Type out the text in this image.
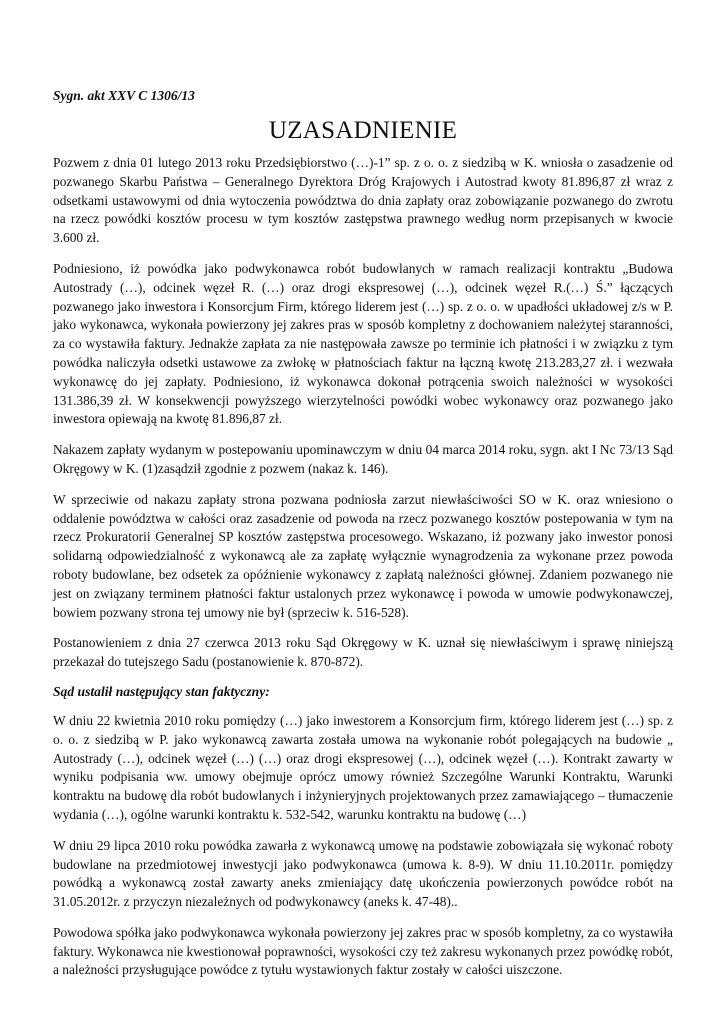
Sygn. akt XXV C 1306/13
UZASADNIENIE

Pozwem z dnia 01 lutego 2013 roku Przedsiębiorstwo (…)-1” sp. z o. o. z siedzibą w K. wniosła o zasadzenie od pozwanego Skarbu Państwa – Generalnego Dyrektora Dróg Krajowych i Autostrad kwoty 81.896,87 zł wraz z odsetkami ustawowymi od dnia wytoczenia powództwa do dnia zapłaty oraz zobowiązanie pozwanego do zwrotu na rzecz powódki kosztów procesu w tym kosztów zastępstwa prawnego według norm przepisanych w kwocie 3.600 zł.

Podniesiono, iż powódka jako podwykonawca robót budowlanych w ramach realizacji kontraktu „Budowa Autostrady (…), odcinek węzeł R. (…) oraz drogi ekspresowej (…), odcinek węzeł R.(…) Ś.” łączących pozwanego jako inwestora i Konsorcjum Firm, którego liderem jest (…) sp. z o. o. w upadłości układowej z/s w P. jako wykonawca, wykonała powierzony jej zakres pras w sposób kompletny z dochowaniem należytej staranności, za co wystawiła faktury. Jednakże zapłata za nie następowała zawsze po terminie ich płatności i w związku z tym powódka naliczyła odsetki ustawowe za zwłokę w płatnościach faktur na łączną kwotę 213.283,27 zł. i wezwała wykonawcę do jej zapłaty. Podniesiono, iż wykonawca dokonał potrącenia swoich należności w wysokości 131.386,39 zł. W konsekwencji powyższego wierzytelności powódki wobec wykonawcy oraz pozwanego jako inwestora opiewają na kwotę 81.896,87 zł.

Nakazem zapłaty wydanym w postepowaniu upominawczym w dniu 04 marca 2014 roku, sygn. akt I Nc 73/13 Sąd Okręgowy w K. (1)zasądził zgodnie z pozwem (nakaz k. 146).

W sprzeciwie od nakazu zapłaty strona pozwana podniosła zarzut niewłaściwości SO w K. oraz wniesiono o oddalenie powództwa w całości oraz zasadzenie od powoda na rzecz pozwanego kosztów postepowania w tym na rzecz Prokuratorii Generalnej SP kosztów zastępstwa procesowego. Wskazano, iż pozwany jako inwestor ponosi solidarną odpowiedzialność z wykonawcą ale za zapłatę wyłącznie wynagrodzenia za wykonane przez powoda roboty budowlane, bez odsetek za opóźnienie wykonawcy z zapłatą należności głównej. Zdaniem pozwanego nie jest on związany terminem płatności faktur ustalonych przez wykonawcę i powoda w umowie podwykonawczej, bowiem pozwany strona tej umowy nie był (sprzeciw k. 516-528).

Postanowieniem z dnia 27 czerwca 2013 roku Sąd Okręgowy w K. uznał się niewłaściwym i sprawę niniejszą przekazał do tutejszego Sadu (postanowienie k. 870-872).

Sąd ustalił następujący stan faktyczny:

W dniu 22 kwietnia 2010 roku pomiędzy (…) jako inwestorem a Konsorcjum firm, którego liderem jest (…) sp. z o. o. z siedzibą w P. jako wykonawcą zawarta została umowa na wykonanie robót polegających na budowie „ Autostrady (…), odcinek węzeł (…) (…) oraz drogi ekspresowej (…), odcinek węzeł (…). Kontrakt zawarty w wyniku podpisania ww. umowy obejmuje oprócz umowy również Szczególne Warunki Kontraktu, Warunki kontraktu na budowę dla robót budowlanych i inżynieryjnych projektowanych przez zamawiającego – tłumaczenie wydania (…), ogólne warunki kontraktu k. 532-542, warunku kontraktu na budowę (…)

W dniu 29 lipca 2010 roku powódka zawarła z wykonawcą umowę na podstawie zobowiązała się wykonać roboty budowlane na przedmiotowej inwestycji jako podwykonawca (umowa k. 8-9). W dniu 11.10.2011r. pomiędzy powódką a wykonawcą został zawarty aneks zmieniający datę ukończenia powierzonych powódce robót na 31.05.2012r. z przyczyn niezależnych od podwykonawcy (aneks k. 47-48)..

Powodowa spółka jako podwykonawca wykonała powierzony jej zakres prac w sposób kompletny, za co wystawiła faktury. Wykonawca nie kwestionował poprawności, wysokości czy też zakresu wykonanych przez powódkę robót, a należności przysługujące powódce z tytułu wystawionych faktur zostały w całości uiszczone.
